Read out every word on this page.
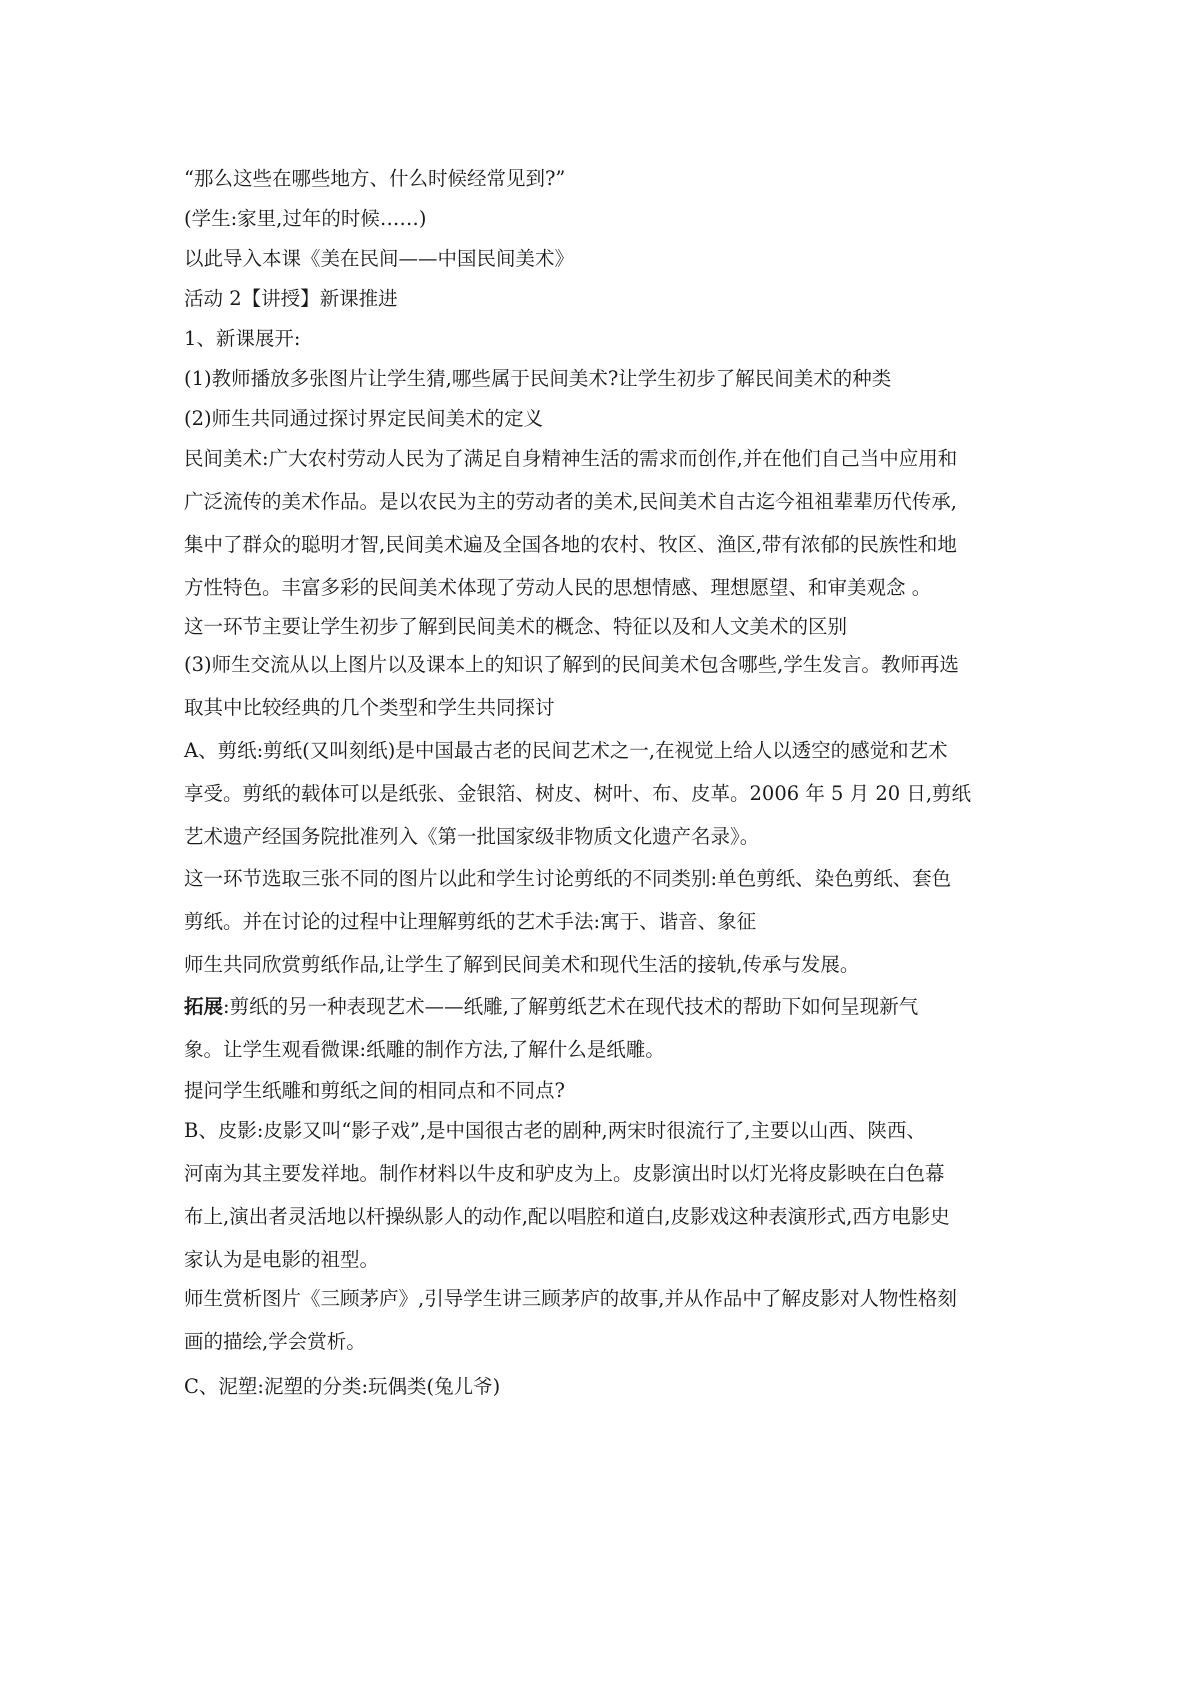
“那么这些在哪些地方、什么时候经常见到?”
(学生:家里,过年的时候……)
以此导入本课《美在民间——中国民间美术》
活动 2【讲授】新课推进
1、新课展开:
(1)教师播放多张图片让学生猜,哪些属于民间美术?让学生初步了解民间美术的种类
(2)师生共同通过探讨界定民间美术的定义
民间美术:广大农村劳动人民为了满足自身精神生活的需求而创作,并在他们自己当中应用和
广泛流传的美术作品。是以农民为主的劳动者的美术,民间美术自古迄今祖祖辈辈历代传承,
集中了群众的聪明才智,民间美术遍及全国各地的农村、牧区、渔区,带有浓郁的民族性和地
方性特色。丰富多彩的民间美术体现了劳动人民的思想情感、理想愿望、和审美观念 。
这一环节主要让学生初步了解到民间美术的概念、特征以及和人文美术的区别
(3)师生交流从以上图片以及课本上的知识了解到的民间美术包含哪些,学生发言。教师再选
取其中比较经典的几个类型和学生共同探讨
A、剪纸:剪纸(又叫刻纸)是中国最古老的民间艺术之一,在视觉上给人以透空的感觉和艺术
享受。剪纸的载体可以是纸张、金银箔、树皮、树叶、布、皮革。2006 年 5 月 20 日,剪纸
艺术遗产经国务院批准列入《第一批国家级非物质文化遗产名录》。
这一环节选取三张不同的图片以此和学生讨论剪纸的不同类别:单色剪纸、染色剪纸、套色
剪纸。并在讨论的过程中让理解剪纸的艺术手法:寓于、谐音、象征
师生共同欣赏剪纸作品,让学生了解到民间美术和现代生活的接轨,传承与发展。
拓展:剪纸的另一种表现艺术——纸雕,了解剪纸艺术在现代技术的帮助下如何呈现新气
象。让学生观看微课:纸雕的制作方法,了解什么是纸雕。
提问学生纸雕和剪纸之间的相同点和不同点?
B、皮影:皮影又叫“影子戏”,是中国很古老的剧种,两宋时很流行了,主要以山西、陕西、
河南为其主要发祥地。制作材料以牛皮和驴皮为上。皮影演出时以灯光将皮影映在白色幕
布上,演出者灵活地以杆操纵影人的动作,配以唱腔和道白,皮影戏这种表演形式,西方电影史
家认为是电影的祖型。
师生赏析图片《三顾茅庐》,引导学生讲三顾茅庐的故事,并从作品中了解皮影对人物性格刻
画的描绘,学会赏析。
C、泥塑:泥塑的分类:玩偶类(兔儿爷)
